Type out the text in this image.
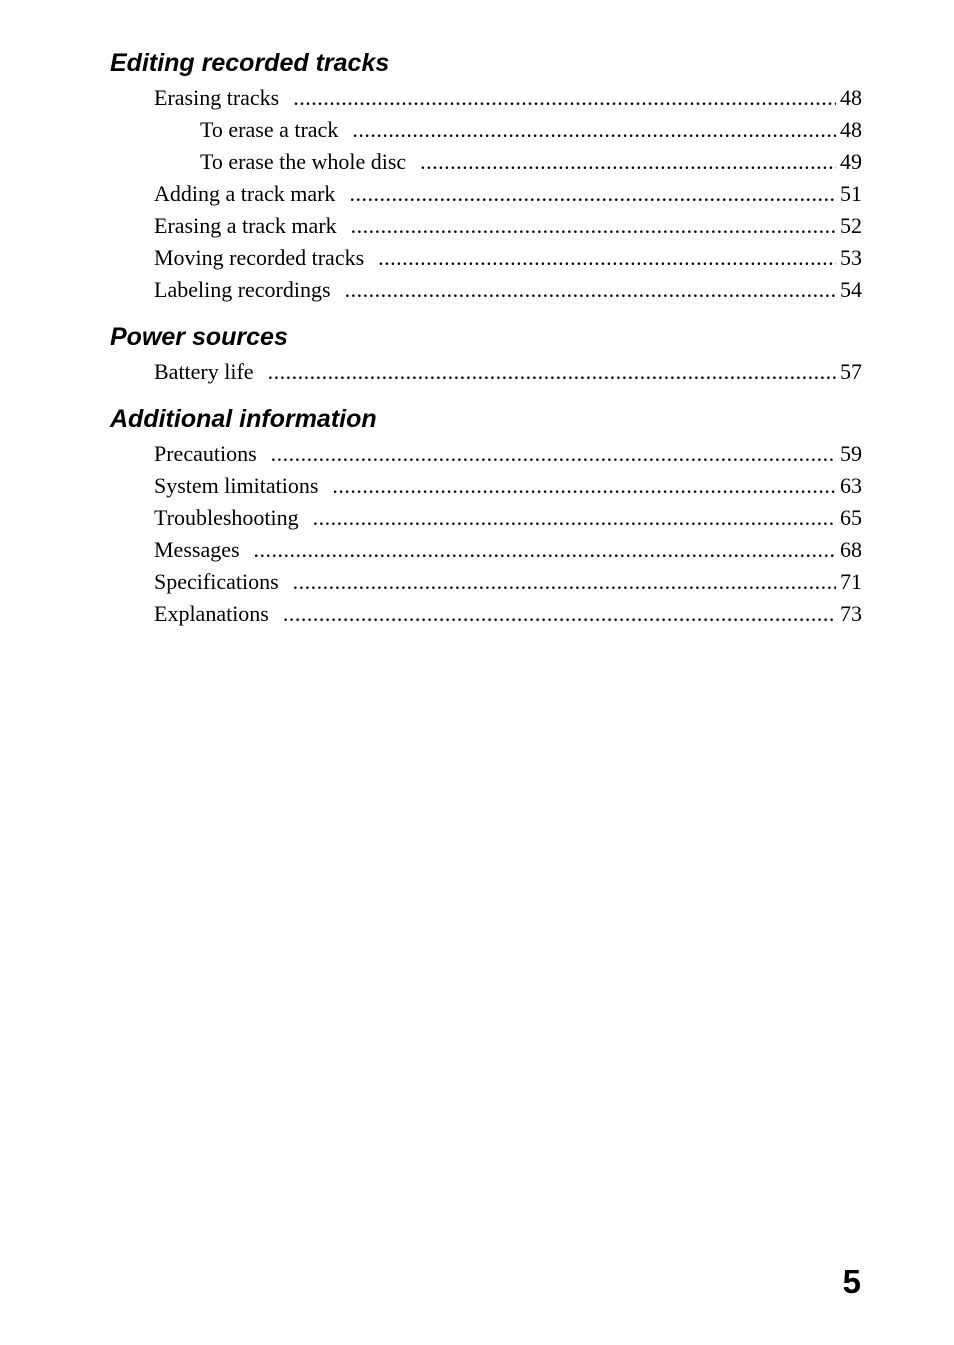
Editing recorded tracks
Erasing tracks .....	48
To erase a track .....	48
To erase the whole disc .....	49
Adding a track mark .....	51
Erasing a track mark .....	52
Moving recorded tracks .....	53
Labeling recordings .....	54
Power sources
Battery life .....	57
Additional information
Precautions .....	59
System limitations .....	63
Troubleshooting .....	65
Messages .....	68
Specifications .....	71
Explanations .....	73
5
